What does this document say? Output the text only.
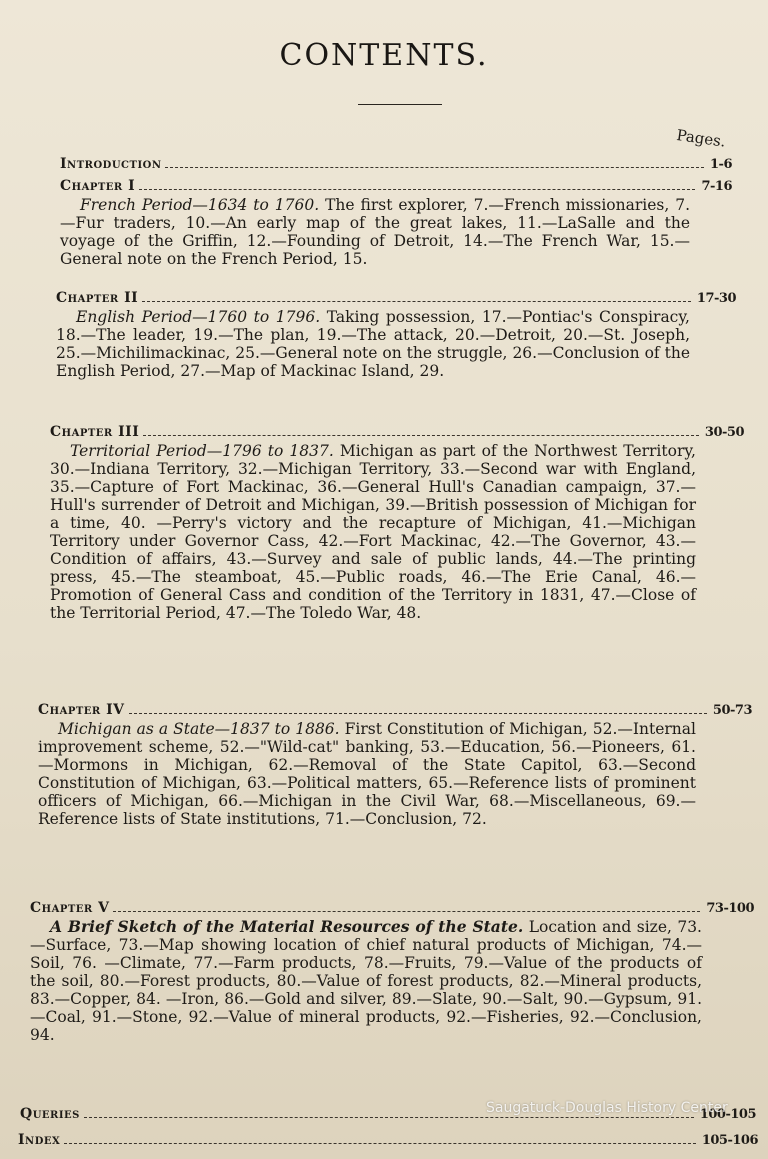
CONTENTS.
Pages.
Introduction	1-6
Chapter I	7-16
French Period—1634 to 1760. The first explorer, 7.—French missionaries, 7.—Fur traders, 10.—An early map of the great lakes, 11.—LaSalle and the voyage of the Griffin, 12.—Founding of Detroit, 14.—The French War, 15.—General note on the French Period, 15.
Chapter II	17-30
English Period—1760 to 1796. Taking possession, 17.—Pontiac's Conspiracy, 18.—The leader, 19.—The plan, 19.—The attack, 20.—Detroit, 20.—St. Joseph, 25.—Michilimackinac, 25.—General note on the struggle, 26.—Conclusion of the English Period, 27.—Map of Mackinac Island, 29.
Chapter III	30-50
Territorial Period—1796 to 1837. Michigan as part of the Northwest Territory, 30.—Indiana Territory, 32.—Michigan Territory, 33.—Second war with England, 35.—Capture of Fort Mackinac, 36.—General Hull's Canadian campaign, 37.—Hull's surrender of Detroit and Michigan, 39.—British possession of Michigan for a time, 40. —Perry's victory and the recapture of Michigan, 41.—Michigan Territory under Governor Cass, 42.—Fort Mackinac, 42.—The Governor, 43.—Condition of affairs, 43.—Survey and sale of public lands, 44.—The printing press, 45.—The steamboat, 45.—Public roads, 46.—The Erie Canal, 46.—Promotion of General Cass and condition of the Territory in 1831, 47.—Close of the Territorial Period, 47.—The Toledo War, 48.
Chapter IV	50-73
Michigan as a State—1837 to 1886. First Constitution of Michigan, 52.—Internal improvement scheme, 52.—"Wild-cat" banking, 53.—Education, 56.—Pioneers, 61.—Mormons in Michigan, 62.—Removal of the State Capitol, 63.—Second Constitution of Michigan, 63.—Political matters, 65.—Reference lists of prominent officers of Michigan, 66.—Michigan in the Civil War, 68.—Miscellaneous, 69.—Reference lists of State institutions, 71.—Conclusion, 72.
Chapter V	73-100
A Brief Sketch of the Material Resources of the State. Location and size, 73.—Surface, 73.—Map showing location of chief natural products of Michigan, 74.—Soil, 76. —Climate, 77.—Farm products, 78.—Fruits, 79.—Value of the products of the soil, 80.—Forest products, 80.—Value of forest products, 82.—Mineral products, 83.—Copper, 84. —Iron, 86.—Gold and silver, 89.—Slate, 90.—Salt, 90.—Gypsum, 91.—Coal, 91.—Stone, 92.—Value of mineral products, 92.—Fisheries, 92.—Conclusion, 94.
Queries	100-105
Index	105-106
Saugatuck-Douglas History Center
